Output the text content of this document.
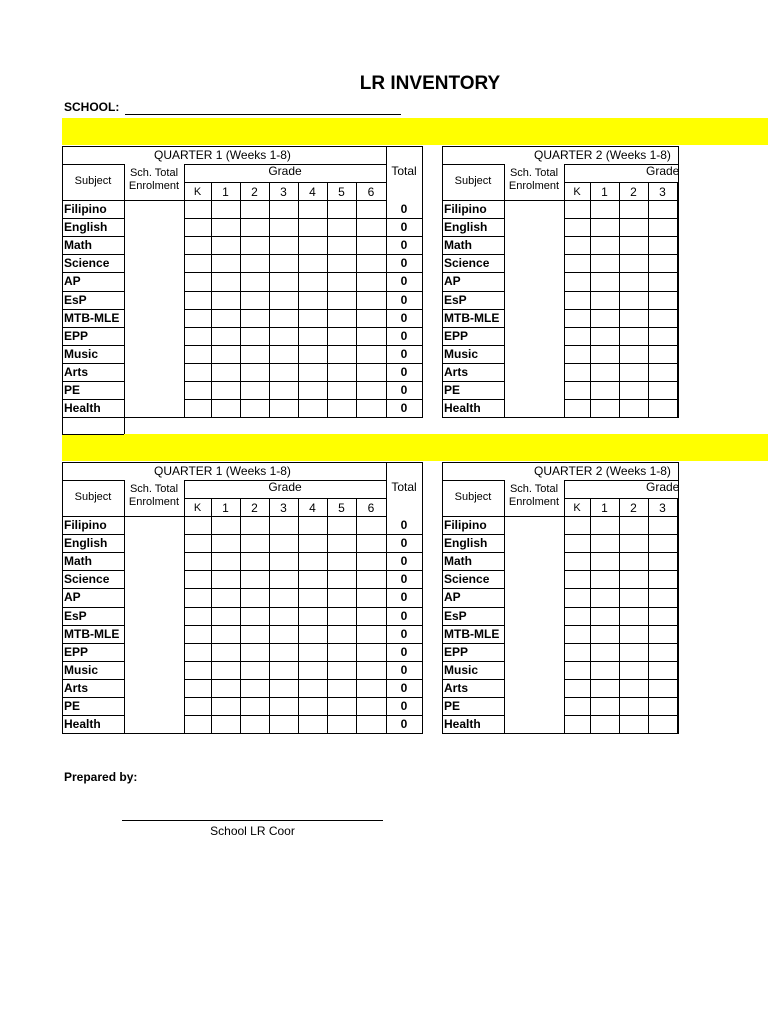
LR INVENTORY
SCHOOL:
QUARTER 1 (Weeks 1-8)
Subject
Sch. Total
Enrolment
Grade	Total
K	1	2	3	4	5	6
Filipino	0
English	0
Math	0
Science	0
AP	0
EsP	0
MTB-MLE	0
EPP	0
Music	0
Arts	0
PE	0
Health	0
QUARTER 2 (Weeks 1-8)
Subject
Sch. Total
Enrolment
Grade
K	1	2	3
Filipino
English
Math
Science
AP
EsP
MTB-MLE
EPP
Music
Arts
PE
Health
QUARTER 1 (Weeks 1-8)
Subject
Sch. Total
Enrolment
Grade	Total
K	1	2	3	4	5	6
Filipino	0
English	0
Math	0
Science	0
AP	0
EsP	0
MTB-MLE	0
EPP	0
Music	0
Arts	0
PE	0
Health	0
QUARTER 2 (Weeks 1-8)
Subject
Sch. Total
Enrolment
Grade
K	1	2	3
Filipino
English
Math
Science
AP
EsP
MTB-MLE
EPP
Music
Arts
PE
Health
Prepared by:
School LR Coor
